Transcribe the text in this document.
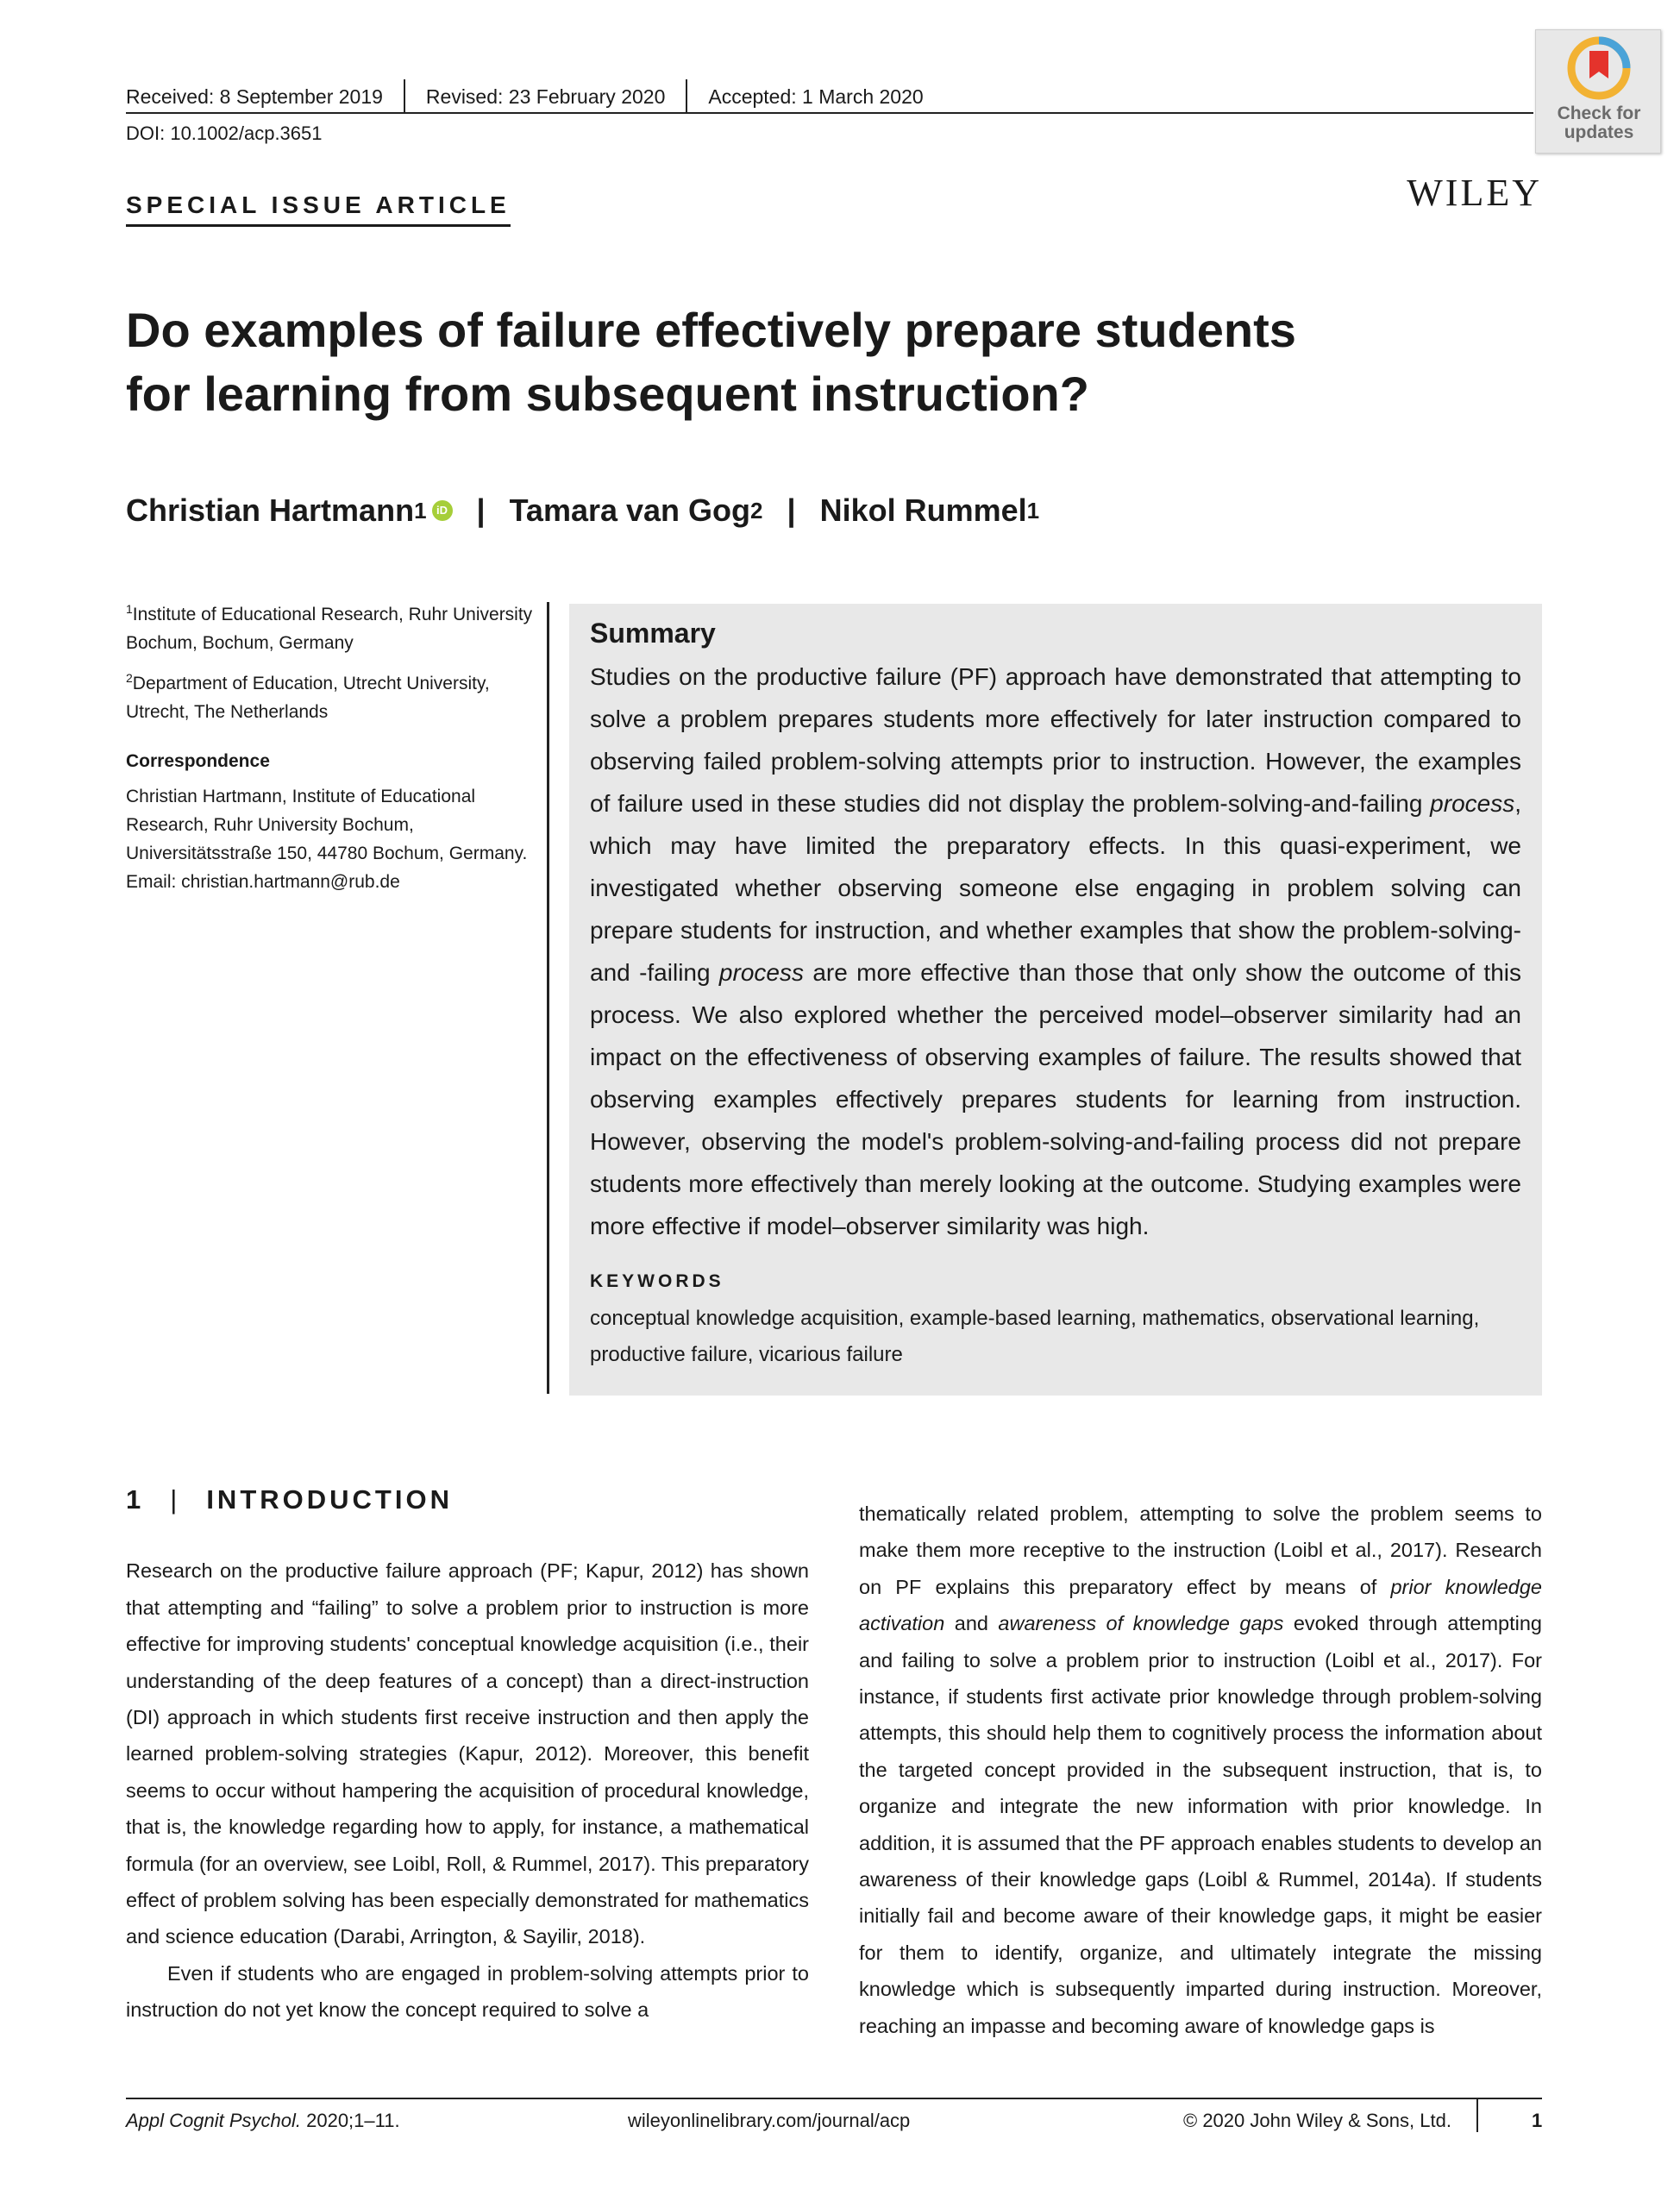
Received: 8 September 2019	Revised: 23 February 2020	Accepted: 1 March 2020
DOI: 10.1002/acp.3651
Check for
updates
WILEY
SPECIAL ISSUE ARTICLE
Do examples of failure effectively prepare students
for learning from subsequent instruction?
Christian Hartmann 1 iD | Tamara van Gog 2 | Nikol Rummel 1

$^1$Institute of Educational Research, Ruhr University Bochum, Bochum, Germany

$^2$Department of Education, Utrecht University, Utrecht, The Netherlands

Correspondence

Christian Hartmann, Institute of Educational Research, Ruhr University Bochum, Universitätsstraße 150, 44780 Bochum, Germany.
Email: christian.hartmann@rub.de

Summary

Studies on the productive failure (PF) approach have demonstrated that attempting to solve a problem prepares students more effectively for later instruction compared to observing failed problem-solving attempts prior to instruction. However, the examples of failure used in these studies did not display the problem-solving-and-failing process, which may have limited the preparatory effects. In this quasi-experiment, we investigated whether observing someone else engaging in problem solving can prepare students for instruction, and whether examples that show the problem-solving-and -failing process are more effective than those that only show the outcome of this process. We also explored whether the perceived model–observer similarity had an impact on the effectiveness of observing examples of failure. The results showed that observing examples effectively prepares students for learning from instruction. However, observing the model's problem-solving-and-failing process did not prepare students more effectively than merely looking at the outcome. Studying examples were more effective if model–observer similarity was high.

KEYWORDS
conceptual knowledge acquisition, example-based learning, mathematics, observational learning, productive failure, vicarious failure
1 | INTRODUCTION

Research on the productive failure approach (PF; Kapur, 2012) has shown that attempting and “failing” to solve a problem prior to instruction is more effective for improving students' conceptual knowledge acquisition (i.e., their understanding of the deep features of a concept) than a direct-instruction (DI) approach in which students first receive instruction and then apply the learned problem-solving strategies (Kapur, 2012). Moreover, this benefit seems to occur without hampering the acquisition of procedural knowledge, that is, the knowledge regarding how to apply, for instance, a mathematical formula (for an overview, see Loibl, Roll, & Rummel, 2017). This preparatory effect of problem solving has been especially demonstrated for mathematics and science education (Darabi, Arrington, & Sayilir, 2018).

Even if students who are engaged in problem-solving attempts prior to instruction do not yet know the concept required to solve a

thematically related problem, attempting to solve the problem seems to make them more receptive to the instruction (Loibl et al., 2017). Research on PF explains this preparatory effect by means of prior knowledge activation and awareness of knowledge gaps evoked through attempting and failing to solve a problem prior to instruction (Loibl et al., 2017). For instance, if students first activate prior knowledge through problem-solving attempts, this should help them to cognitively process the information about the targeted concept provided in the subsequent instruction, that is, to organize and integrate the new information with prior knowledge. In addition, it is assumed that the PF approach enables students to develop an awareness of their knowledge gaps (Loibl & Rummel, 2014a). If students initially fail and become aware of their knowledge gaps, it might be easier for them to identify, organize, and ultimately integrate the missing knowledge which is subsequently imparted during instruction. Moreover, reaching an impasse and becoming aware of knowledge gaps is

Appl Cognit Psychol. 2020;1–11.	wileyonlinelibrary.com/journal/acp	© 2020 John Wiley & Sons, Ltd.	1
